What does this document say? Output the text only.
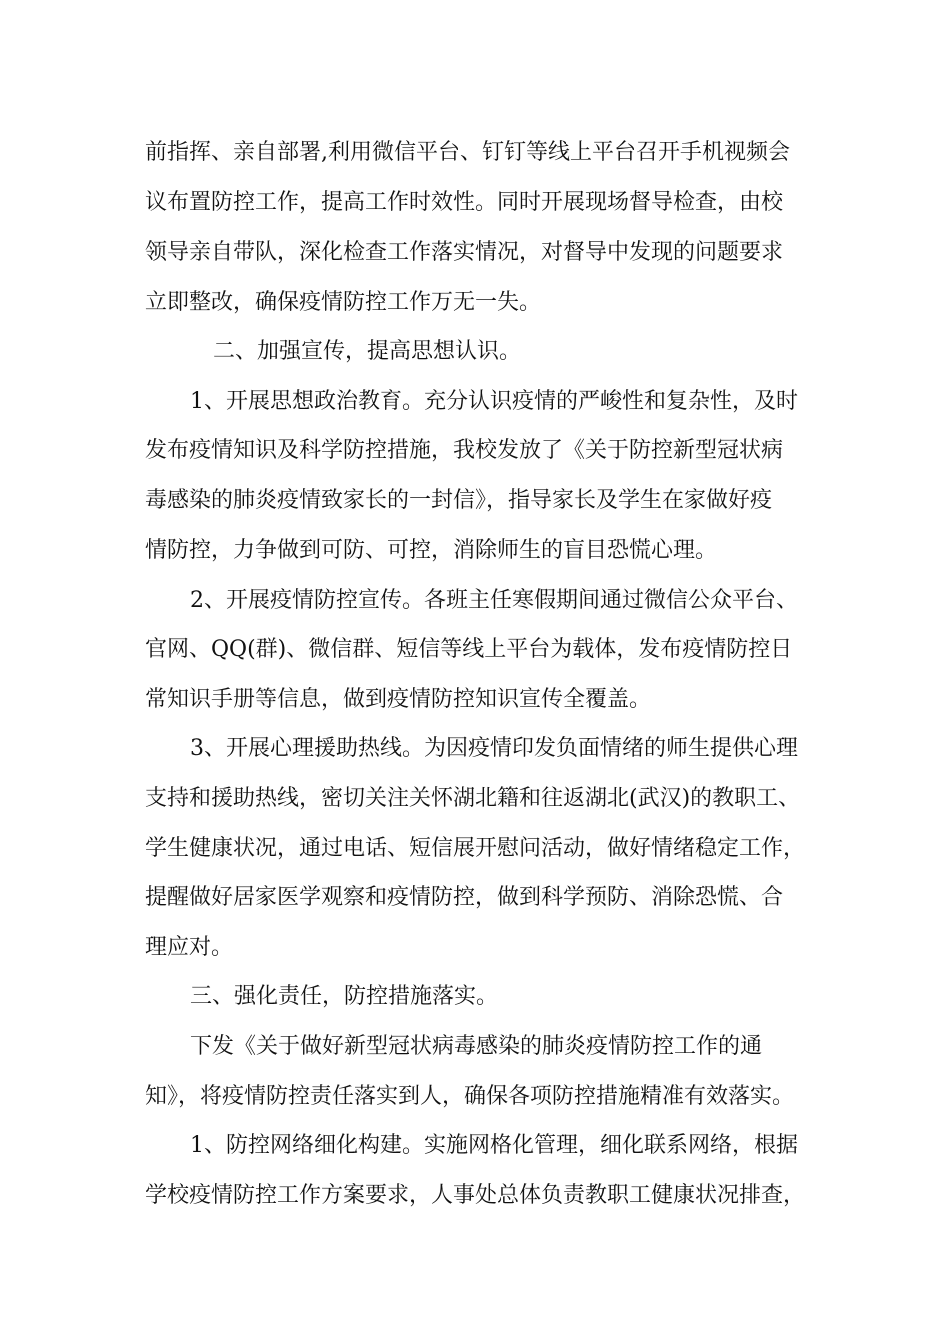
前指挥、亲自部署,利用微信平台、钉钉等线上平台召开手机视频会
议布置防控工作，提高工作时效性。同时开展现场督导检查，由校
领导亲自带队，深化检查工作落实情况，对督导中发现的问题要求
立即整改，确保疫情防控工作万无一失。
二、加强宣传，提高思想认识。
1、开展思想政治教育。充分认识疫情的严峻性和复杂性，及时
发布疫情知识及科学防控措施，我校发放了《关于防控新型冠状病
毒感染的肺炎疫情致家长的一封信》，指导家长及学生在家做好疫
情防控，力争做到可防、可控，消除师生的盲目恐慌心理。
2、开展疫情防控宣传。各班主任寒假期间通过微信公众平台、
官网、QQ(群)、微信群、短信等线上平台为载体，发布疫情防控日
常知识手册等信息，做到疫情防控知识宣传全覆盖。
3、开展心理援助热线。为因疫情印发负面情绪的师生提供心理
支持和援助热线，密切关注关怀湖北籍和往返湖北(武汉)的教职工、
学生健康状况，通过电话、短信展开慰问活动，做好情绪稳定工作，
提醒做好居家医学观察和疫情防控，做到科学预防、消除恐慌、合
理应对。
三、强化责任，防控措施落实。
下发《关于做好新型冠状病毒感染的肺炎疫情防控工作的通
知》，将疫情防控责任落实到人，确保各项防控措施精准有效落实。
1、防控网络细化构建。实施网格化管理，细化联系网络，根据
学校疫情防控工作方案要求，人事处总体负责教职工健康状况排查，
